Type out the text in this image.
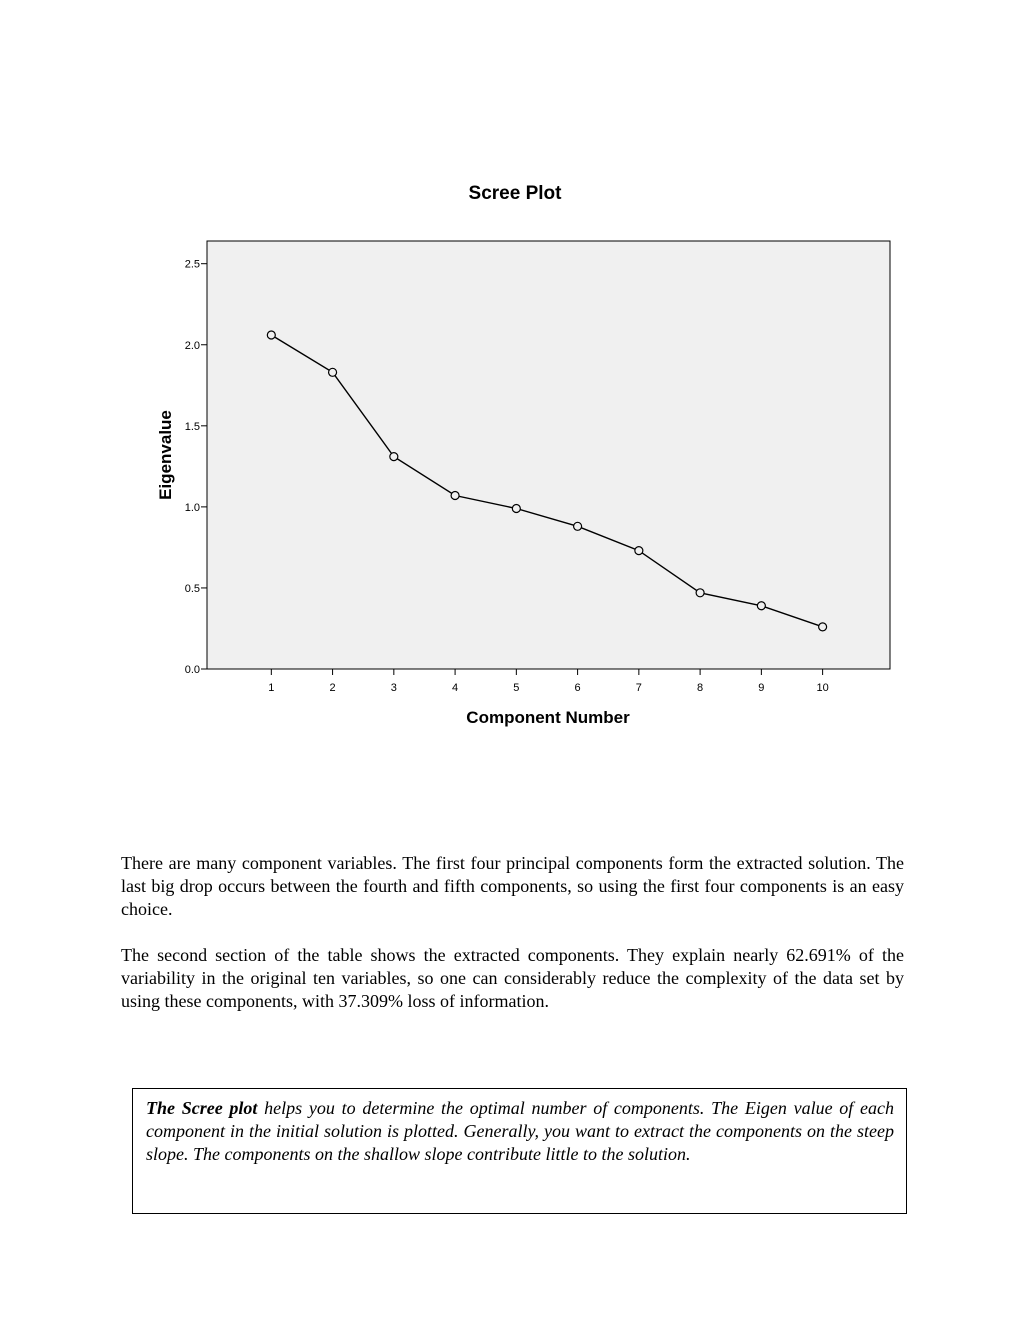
Scree Plot
0.0
0.5
1.0
1.5
2.0
2.5
1	2	3	4	5	6	7	8	9	10
Eigenvalue
Component Number

There are many component variables. The first four principal components form the extracted solution. The last big drop occurs between the fourth and fifth components, so using the first four components is an easy choice.

The second section of the table shows the extracted components. They explain nearly 62.691% of the variability in the original ten variables, so one can considerably reduce the complexity of the data set by using these components, with 37.309% loss of information.

The Scree plot helps you to determine the optimal number of components. The Eigen value of each component in the initial solution is plotted. Generally, you want to extract the components on the steep slope. The components on the shallow slope contribute little to the solution.
